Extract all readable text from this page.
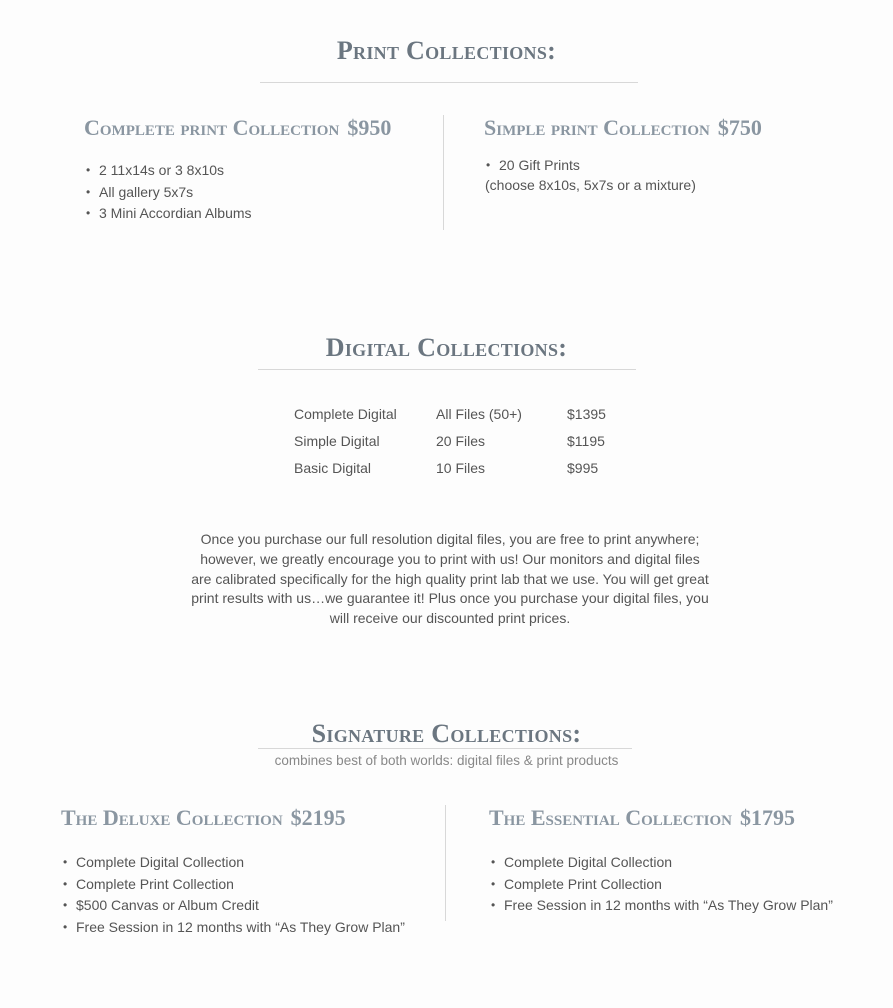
Print Collections:
Complete print Collection $950
• 2 11x14s or 3 8x10s
• All gallery 5x7s
• 3 Mini Accordian Albums
Simple print Collection $750
• 20 Gift Prints
(choose 8x10s, 5x7s or a mixture)
Digital Collections:
Complete Digital	All Files (50+)	$1395
Simple Digital	20 Files	$1195
Basic Digital	10 Files	$995
Once you purchase our full resolution digital files, you are free to print anywhere; however, we greatly encourage you to print with us! Our monitors and digital files are calibrated specifically for the high quality print lab that we use. You will get great print results with us…we guarantee it! Plus once you purchase your digital files, you will receive our discounted print prices.
Signature Collections:
combines best of both worlds: digital files & print products
The Deluxe Collection $2195
• Complete Digital Collection
• Complete Print Collection
• $500 Canvas or Album Credit
• Free Session in 12 months with “As They Grow Plan”
The Essential Collection $1795
• Complete Digital Collection
• Complete Print Collection
• Free Session in 12 months with “As They Grow Plan”
